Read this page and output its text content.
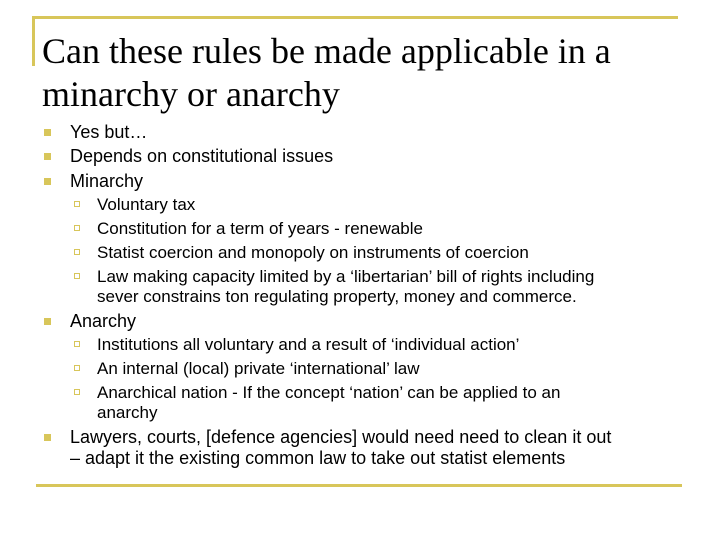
Can these rules be made applicable in a
minarchy or anarchy
Yes but…
Depends on constitutional issues
Minarchy
Voluntary tax
Constitution for a term of years - renewable
Statist coercion and monopoly on instruments of coercion
Law making capacity limited by a ‘libertarian’ bill of rights including
sever constrains ton regulating property, money and commerce.
Anarchy
Institutions all voluntary and a result of ‘individual action’
An internal (local) private ‘international’ law
Anarchical nation - If the concept ‘nation’ can be applied to an
anarchy
Lawyers, courts, [defence agencies] would need need to clean it out
– adapt it the existing common law to take out statist elements
